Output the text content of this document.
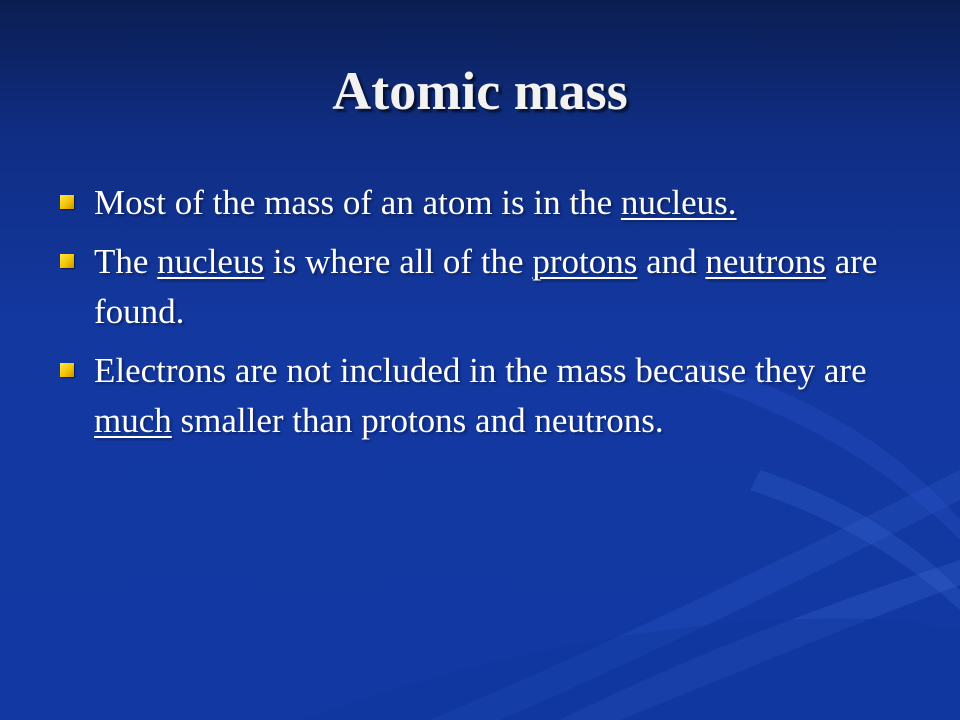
Atomic mass
Most of the mass of an atom is in the nucleus.
The nucleus is where all of the protons and neutrons are found.
Electrons are not included in the mass because they are much smaller than protons and neutrons.
